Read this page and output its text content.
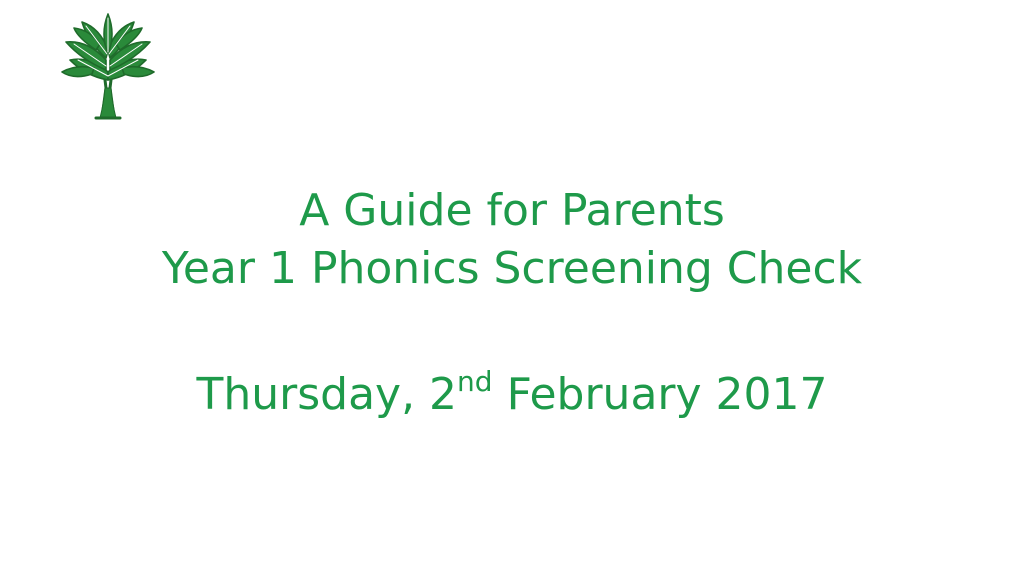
A Guide for Parents
Year 1 Phonics Screening Check
Thursday, 2nd February 2017
